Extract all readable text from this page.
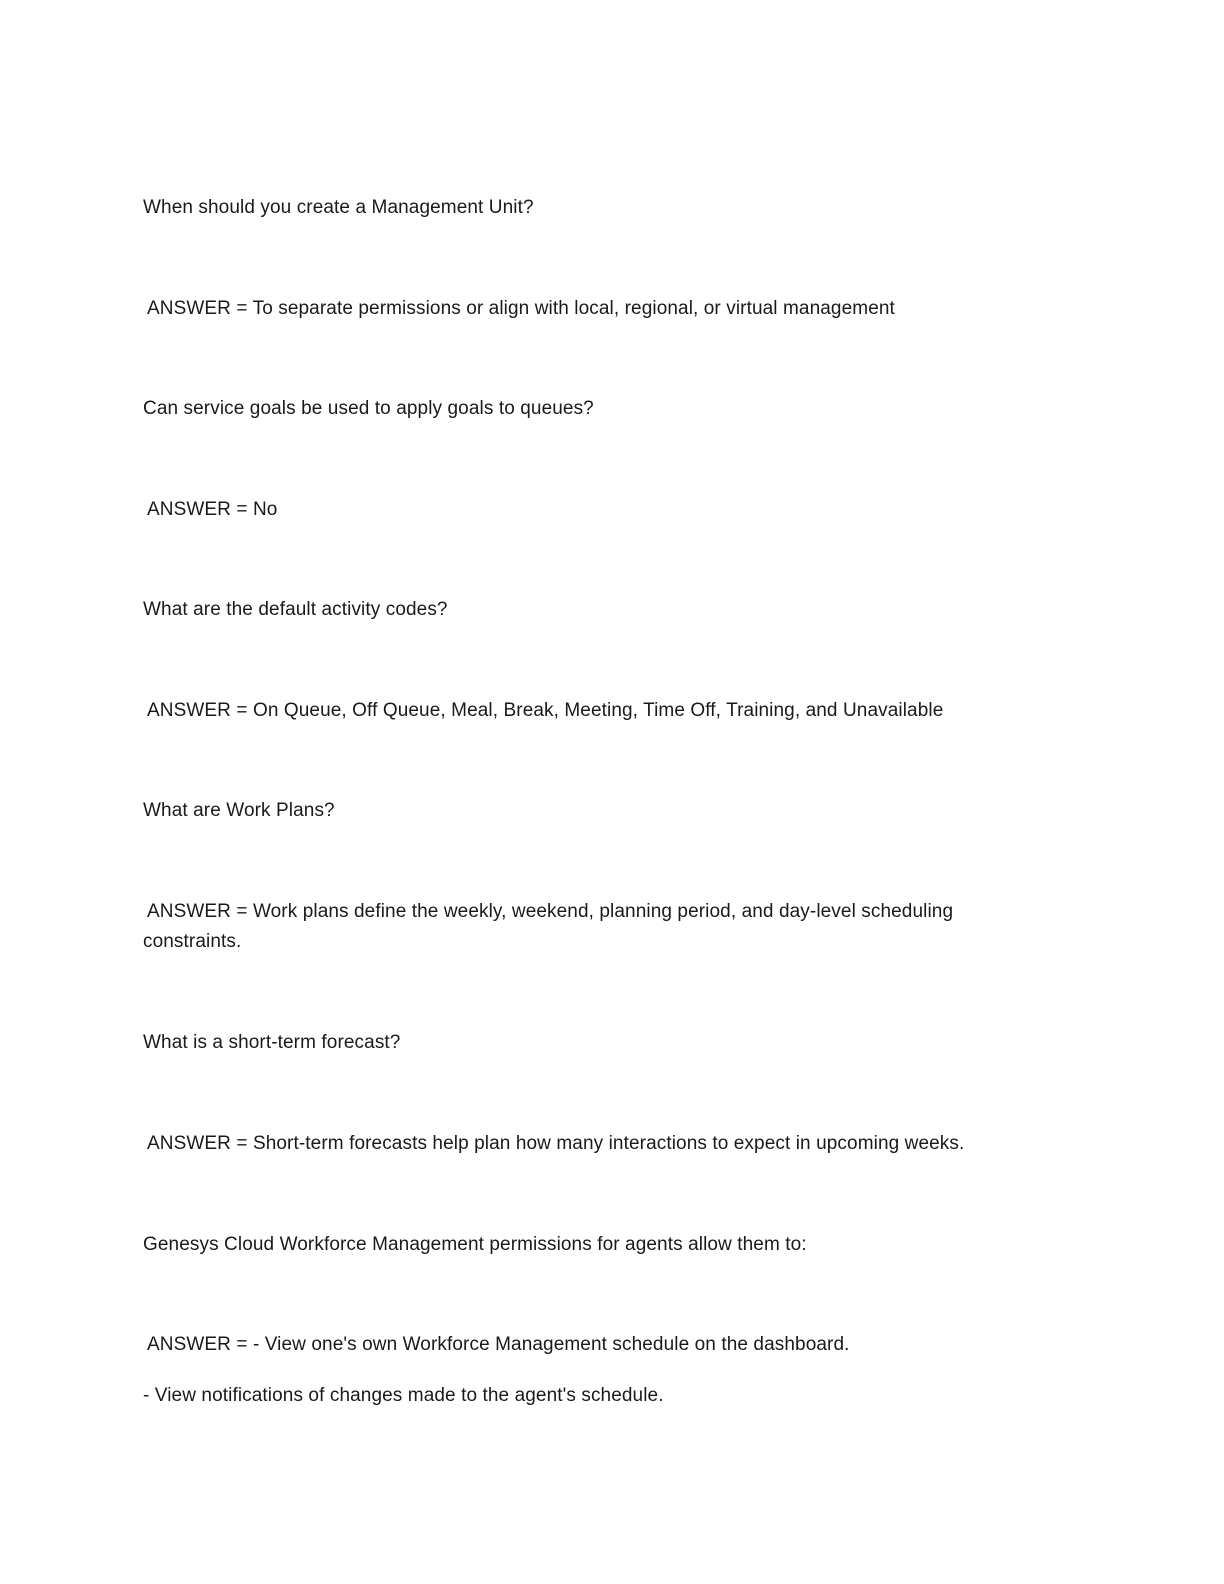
When should you create a Management Unit?
ANSWER = To separate permissions or align with local, regional, or virtual management
Can service goals be used to apply goals to queues?
ANSWER = No
What are the default activity codes?
ANSWER = On Queue, Off Queue, Meal, Break, Meeting, Time Off, Training, and Unavailable
What are Work Plans?
ANSWER = Work plans define the weekly, weekend, planning period, and day-level scheduling
constraints.
What is a short-term forecast?
ANSWER = Short-term forecasts help plan how many interactions to expect in upcoming weeks.
Genesys Cloud Workforce Management permissions for agents allow them to:
ANSWER = - View one's own Workforce Management schedule on the dashboard.
- View notifications of changes made to the agent's schedule.
